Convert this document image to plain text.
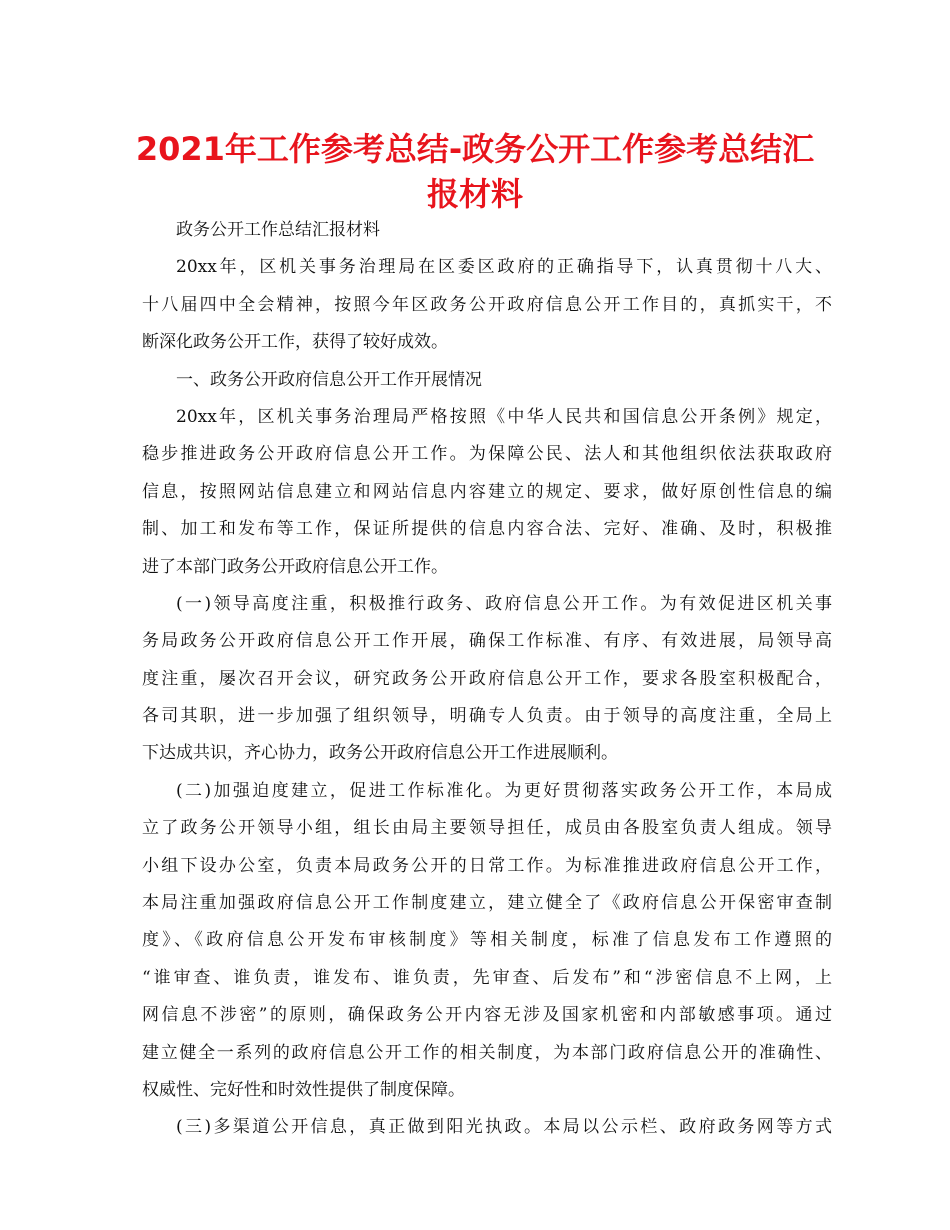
2021年工作参考总结-政务公开工作参考总结汇
报材料
政务公开工作总结汇报材料
20xx年，区机关事务治理局在区委区政府的正确指导下，认真贯彻十八大、
十八届四中全会精神，按照今年区政务公开政府信息公开工作目的，真抓实干，不
断深化政务公开工作，获得了较好成效。
一、政务公开政府信息公开工作开展情况
20xx年，区机关事务治理局严格按照《中华人民共和国信息公开条例》规定，
稳步推进政务公开政府信息公开工作。为保障公民、法人和其他组织依法获取政府
信息，按照网站信息建立和网站信息内容建立的规定、要求，做好原创性信息的编
制、加工和发布等工作，保证所提供的信息内容合法、完好、准确、及时，积极推
进了本部门政务公开政府信息公开工作。
(一)领导高度注重，积极推行政务、政府信息公开工作。为有效促进区机关事
务局政务公开政府信息公开工作开展，确保工作标准、有序、有效进展，局领导高
度注重，屡次召开会议，研究政务公开政府信息公开工作，要求各股室积极配合，
各司其职，进一步加强了组织领导，明确专人负责。由于领导的高度注重，全局上
下达成共识，齐心协力，政务公开政府信息公开工作进展顺利。
(二)加强迫度建立，促进工作标准化。为更好贯彻落实政务公开工作，本局成
立了政务公开领导小组，组长由局主要领导担任，成员由各股室负责人组成。领导
小组下设办公室，负责本局政务公开的日常工作。为标准推进政府信息公开工作，
本局注重加强政府信息公开工作制度建立，建立健全了《政府信息公开保密审查制
度》、《政府信息公开发布审核制度》等相关制度，标准了信息发布工作遵照的
“谁审查、谁负责，谁发布、谁负责，先审查、后发布”和“涉密信息不上网，上
网信息不涉密”的原则，确保政务公开内容无涉及国家机密和内部敏感事项。通过
建立健全一系列的政府信息公开工作的相关制度，为本部门政府信息公开的准确性、
权威性、完好性和时效性提供了制度保障。
(三)多渠道公开信息，真正做到阳光执政。本局以公示栏、政府政务网等方式
